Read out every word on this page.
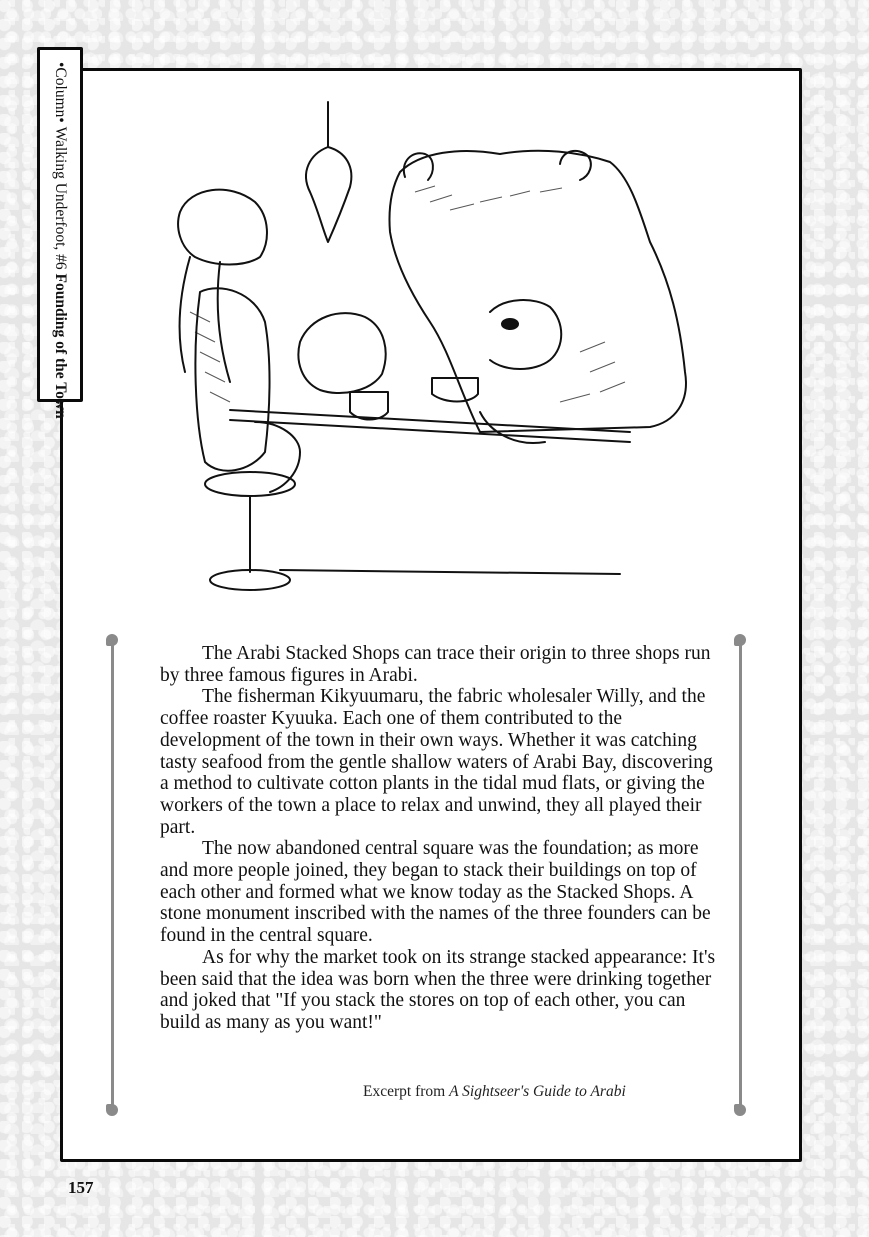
•Column• Walking Underfoot, #6 Founding of the Town

The Arabi Stacked Shops can trace their origin to three shops run by three famous figures in Arabi.

The fisherman Kikyuumaru, the fabric wholesaler Willy, and the coffee roaster Kyuuka. Each one of them contributed to the development of the town in their own ways. Whether it was catching tasty seafood from the gentle shallow waters of Arabi Bay, discovering a method to cultivate cotton plants in the tidal mud flats, or giving the workers of the town a place to relax and unwind, they all played their part.

The now abandoned central square was the foundation; as more and more people joined, they began to stack their buildings on top of each other and formed what we know today as the Stacked Shops. A stone monument inscribed with the names of the three founders can be found in the central square.

As for why the market took on its strange stacked appearance: It's been said that the idea was born when the three were drinking together and joked that "If you stack the stores on top of each other, you can build as many as you want!"

Excerpt from A Sightseer's Guide to Arabi
157
